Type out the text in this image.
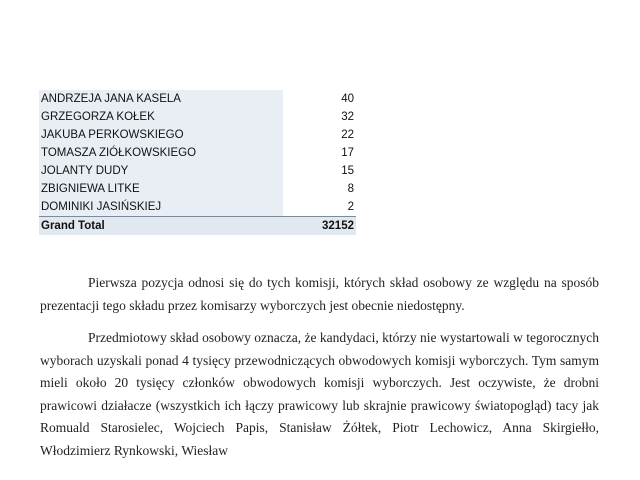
ANDRZEJA JANA KASELA	40
GRZEGORZA KOŁEK	32
JAKUBA PERKOWSKIEGO	22
TOMASZA ZIÓŁKOWSKIEGO	17
JOLANTY DUDY	15
ZBIGNIEWA LITKE	8
DOMINIKI JASIŃSKIEJ	2
Grand Total	32152

Pierwsza pozycja odnosi się do tych komisji, których skład osobowy ze względu na sposób prezentacji tego składu przez komisarzy wyborczych jest obecnie niedostępny.

Przedmiotowy skład osobowy oznacza, że kandydaci, którzy nie wystartowali w tegorocznych wyborach uzyskali ponad 4 tysięcy przewodniczących obwodowych komisji wyborczych. Tym samym mieli około 20 tysięcy członków obwodowych komisji wyborczych. Jest oczywiste, że drobni prawicowi działacze (wszystkich ich łączy prawicowy lub skrajnie prawicowy światopogląd) tacy jak Romuald Starosielec, Wojciech Papis, Stanisław Żółtek, Piotr Lechowicz, Anna Skirgiełło, Włodzimierz Rynkowski, Wiesław
